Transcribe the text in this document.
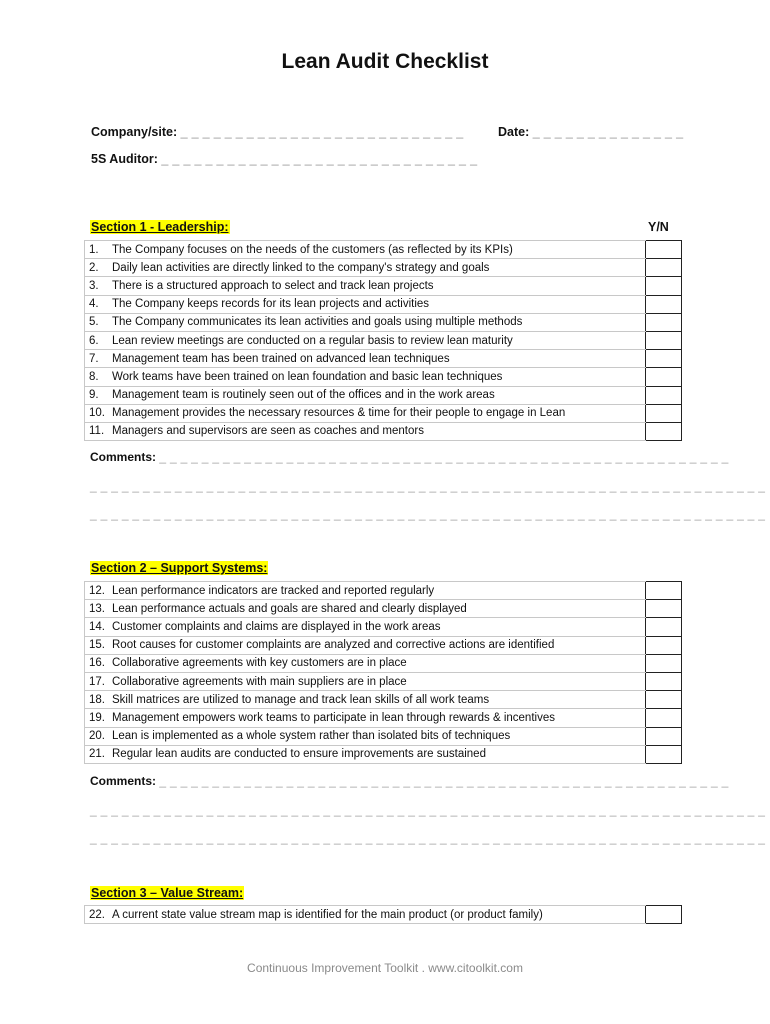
Lean Audit Checklist
Company/site: _ _ _ _ _ _ _ _ _ _ _ _ _ _ _ _ _ _ _ _ _ _ _ _ _ _	Date: _ _ _ _ _ _ _ _ _ _ _ _ _ _
5S Auditor: _ _ _ _ _ _ _ _ _ _ _ _ _ _ _ _ _ _ _ _ _ _ _ _ _ _ _ _ _
Section 1 - Leadership:	Y/N
1. The Company focuses on the needs of the customers (as reflected by its KPIs)		
2. Daily lean activities are directly linked to the company's strategy and goals		
3. There is a structured approach to select and track lean projects		
4. The Company keeps records for its lean projects and activities		
5. The Company communicates its lean activities and goals using multiple methods		
6. Lean review meetings are conducted on a regular basis to review lean maturity		
7. Management team has been trained on advanced lean techniques		
8. Work teams have been trained on lean foundation and basic lean techniques		
9. Management team is routinely seen out of the offices and in the work areas		
10. Management provides the necessary resources & time for their people to engage in Lean		
11. Managers and supervisors are seen as coaches and mentors		
Comments: _ _ _ _ _ _ _ _ _ _ _ _ _ _ _ _ _ _ _ _ _ _ _ _ _ _ _ _ _ _ _ _ _ _ _ _ _ _ _ _ _ _ _ _ _ _ _ _ _ _ _ _ _ _
_ _ _ _ _ _ _ _ _ _ _ _ _ _ _ _ _ _ _ _ _ _ _ _ _ _ _ _ _ _ _ _ _ _ _ _ _ _ _ _ _ _ _ _ _ _ _ _ _ _ _ _ _ _ _ _ _ _ _ _ _ _ _ _
_ _ _ _ _ _ _ _ _ _ _ _ _ _ _ _ _ _ _ _ _ _ _ _ _ _ _ _ _ _ _ _ _ _ _ _ _ _ _ _ _ _ _ _ _ _ _ _ _ _ _ _ _ _ _ _ _ _ _ _ _ _ _ _
Section 2 – Support Systems:
12. Lean performance indicators are tracked and reported regularly		
13. Lean performance actuals and goals are shared and clearly displayed		
14. Customer complaints and claims are displayed in the work areas		
15. Root causes for customer complaints are analyzed and corrective actions are identified		
16. Collaborative agreements with key customers are in place		
17. Collaborative agreements with main suppliers are in place		
18. Skill matrices are utilized to manage and track lean skills of all work teams		
19. Management empowers work teams to participate in lean through rewards & incentives		
20. Lean is implemented as a whole system rather than isolated bits of techniques		
21. Regular lean audits are conducted to ensure improvements are sustained		
Comments: _ _ _ _ _ _ _ _ _ _ _ _ _ _ _ _ _ _ _ _ _ _ _ _ _ _ _ _ _ _ _ _ _ _ _ _ _ _ _ _ _ _ _ _ _ _ _ _ _ _ _ _ _ _
_ _ _ _ _ _ _ _ _ _ _ _ _ _ _ _ _ _ _ _ _ _ _ _ _ _ _ _ _ _ _ _ _ _ _ _ _ _ _ _ _ _ _ _ _ _ _ _ _ _ _ _ _ _ _ _ _ _ _ _ _ _ _ _
_ _ _ _ _ _ _ _ _ _ _ _ _ _ _ _ _ _ _ _ _ _ _ _ _ _ _ _ _ _ _ _ _ _ _ _ _ _ _ _ _ _ _ _ _ _ _ _ _ _ _ _ _ _ _ _ _ _ _ _ _ _ _ _
Section 3 – Value Stream:
22. A current state value stream map is identified for the main product (or product family)		
Continuous Improvement Toolkit . www.citoolkit.com
